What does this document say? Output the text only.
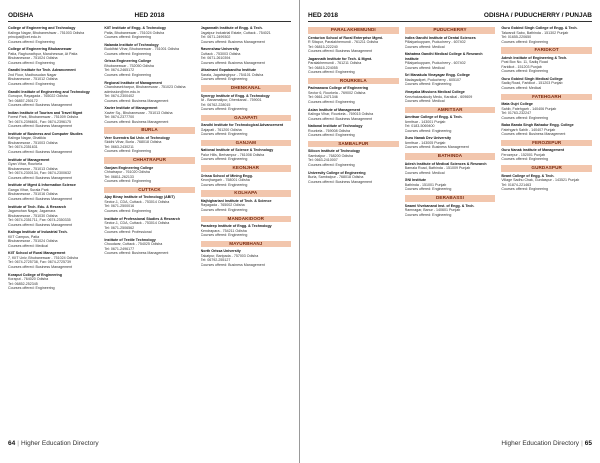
ODISHA	HED 2018
College of Engineering and Technology
Kalinga Nagar, Bhubaneshwar - 751003 Odisha
principal@cet.edu.in
Courses offered: Engineering
College of Engineering Bhubaneswar
Patia, Raghunathpur, Mancheswar, At Patia
Bhubaneswar - 751024 Odisha
Courses offered: Engineering
Gandhi Institute for Tech. Advancement
2nd Floor, Madhusudan Nagar
Bhubaneswar - 751012 Odisha
Courses offered: Engineering
Gandhi Institute of Engineering and Technology
Gunupur, Rayagada - 765022 Odisha
Tel: 06857-250172
Courses offered: Business Management
Indian Institute of Tourism and Travel Mgmt
Forest Park, Bhubaneswar - 751009 Odisha
Tel: 0674-2396601, Fax: 0674-2396175
Courses offered: Business Management
Institute of Business and Computer Studies
Kalinga Nagar, Ghatikia
Bhubaneswar - 751003 Odisha
Tel: 0674-2351631
Courses offered: Business Management
Institute of Management
Gyan Vihar, Rourkela
Bhubaneswar - 751013 Odisha
Tel: 0674-2300134, Fax: 0674-2300632
Courses offered: Business Management
Institute of Mgmt & Information Science
Ganga Vihar, Surala Park
Bhubaneswar - 751016 Odisha
Courses offered: Business Management
Institute of Tech. Edu. & Research
Jagamohan Nagar, Jagamara
Bhubaneswar - 751030 Odisha
Tel: 0674-2351711, Fax: 0674-2350335
Courses offered: Business Management
Kalinga Institute of Industrial Tech.
KIIT Campus, Patia
Bhubaneswar - 751024 Odisha
Courses offered: Medical
KIIT School of Rural Management
7, KIIT Univ, Bhubaneswar - 751024 Odisha
Tel: 0674-2725738, Fax: 0674-2725739
Courses offered: Business Management
Koraput College of Engineering
Koraput - 764020 Odisha
Tel: 06852-252345
Courses offered: Engineering
KIIT Institute of Engg. & Technology
Patia, Bhubaneswar - 751024 Odisha
Courses offered: Engineering
Nalanda Institute of Technology
Buddhist Vihar, Bhubaneswar - 751001 Odisha
Courses offered: Engineering
Orissa Engineering College
Bhubaneswar - 752050 Odisha
Tel: 0674-2465172
Courses offered: Engineering
Regional Institute of Management
Chandrasekharpur, Bhubaneswar - 751023 Odisha
admission@rim.edu.in
Tel: 0674-2300402
Courses offered: Business Management
Xavier Institute of Management
Xavier Sq., Bhubaneswar - 751013 Odisha
Tel: 0674-2377700
Courses offered: Business Management
BURLA
Veer Surendra Sai Univ. of Technology
Siddhi Vihar, Burla - 768018 Odisha
Tel: 0663-2430211
Courses offered: Engineering
CHHATRAPUR
Ganjam Engineering College
Chhatrapur - 761020 Odisha
Tel: 06811-262133
Courses offered: Engineering
CUTTACK
Ajay Binay Institute of Technology (ABIT)
Sector-1, CDA, Cuttack - 753014 Odisha
Tel: 0671-2500016
Courses offered: Engineering
Institute of Professional Studies & Research
Sector-1, CDA, Cuttack - 753014 Odisha
Tel: 0671-2506562
Courses offered: Professional
Institute of Textile Technology
Choudwar, Cuttack - 754025 Odisha
Tel: 0671-2496177
Courses offered: Business Management
Jagannath Institute of Engg. & Tech.
Jagatpur Industrial Estate, Cuttack - 754021
Tel: 0671-2499302
Courses offered: Business Management
Ravenshaw University
Cuttack - 753003 Odisha
Tel: 0671-2610394
Courses offered: Business Management
Utkalmani Gopabandhu Institute
Sarala, Jagatsinghpur - 754101 Odisha
Courses offered: Engineering
DHENKANAL
Synergy Institute of Engg. & Technology
At - Banamalipur, Dhenkanal - 759001
Tel: 06762-228015
Courses offered: Engineering
GAJAPATI
Gandhi Institute for Technological Advancement
Gajapati - 761200 Odisha
Courses offered: Engineering
GANJAM
National Institute of Science & Technology
Palur Hills, Berhampur - 761008 Odisha
Courses offered: Engineering
KEONJHAR
Orissa School of Mining Engg.
Keonjhargarh - 758001 Odisha
Courses offered: Engineering
KOLHAPA
Majhighariani Institute of Tech. & Science
Rayagada - 765002 Odisha
Courses offered: Engineering
MANDAKIDOOR
Paradeep Institute of Engg. & Technology
Kendrapara - 754211 Odisha
Courses offered: Engineering
MAYURBHANJ
North Orissa University
Takatpur, Baripada - 757003 Odisha
Tel: 06792-255127
Courses offered: Business Management
64 | Higher Education Directory
HED 2018	ODISHA / PUDUCHERRY / PUNJAB
PARALAKHEMUNDI
Centurion School of Rural Enterprise Mgmt.
R Sitapur, Paralakhemundi - 761211 Odisha
Tel: 06815-222240
Courses offered: Business Management
Jagannath Institute for Tech. & Mgmt.
Paralakhemundi - 761211 Odisha
Tel: 06815-224055
Courses offered: Engineering
ROURKELA
Padmanava College of Engineering
Sector 6, Rourkela - 769002 Odisha
Tel: 0661-2471346
Courses offered: Engineering
Asian Institute of Management
Kalinga Vihar, Rourkela - 769015 Odisha
Courses offered: Business Management
National Institute of Technology
Rourkela - 769008 Odisha
Courses offered: Engineering
SAMBALPUR
Silicon Institute of Technology
Sambalpur - 768200 Odisha
Tel: 0663-2410007
Courses offered: Engineering
University College of Engineering
Burla, Sambalpur - 768018 Odisha
Courses offered: Business Management
PUDUCHERRY
Indira Gandhi Institute of Dental Sciences
Pillaiyarkuppam, Puducherry - 607402
Courses offered: Medical
Mahatma Gandhi Medical College & Research Institute
Pillaiyarkuppam, Puducherry - 607402
Courses offered: Medical
Sri Manakula Vinayagar Engg. College
Madagadipet, Puducherry - 605107
Courses offered: Engineering
Vinayaka Missions Medical College
Keezhakasakudy Medu, Karaikal - 609609
Courses offered: Medical
AMRITSAR
Amritsar College of Engg. & Tech.
Amritsar - 143001 Punjab
Tel: 0183-5069400
Courses offered: Engineering
Guru Nanak Dev University
Amritsar - 143005 Punjab
Courses offered: Business Management
BATHINDA
Adesh Institute of Medical Sciences & Research
Barnala Road, Bathinda - 151009 Punjab
Courses offered: Medical
GNI Institute
Bathinda - 151001 Punjab
Courses offered: Engineering
DERABASSI
Swami Vivekanand Inst. of Engg. & Tech.
Ramnagar, Banur - 140601 Punjab
Courses offered: Engineering
Guru Gobind Singh College of Engg. & Tech.
Talwandi Sabo, Bathinda - 151302 Punjab
Tel: 01655-220650
Courses offered: Engineering
FARIDKOT
Adesh Institute of Engineering & Tech.
Post Box No. 11, Sadiq Road
Faridkot - 151203 Punjab
Courses offered: Engineering
Guru Gobind Singh Medical College
Sadiq Road, Faridkot - 151203 Punjab
Courses offered: Medical
FATEHGARH
Mata Gujri College
Sahib, Fatehgarh - 140406 Punjab
Tel: 01763-232247
Courses offered: Engineering
Baba Banda Singh Bahadur Engg. College
Fatehgarh Sahib - 140407 Punjab
Courses offered: Business Management
FEROZEPUR
Guru Nanak Institute of Management
Ferozepur - 152001 Punjab
Courses offered: Engineering
GURDASPUR
Beant College of Engg. & Tech.
Village Sadhu Chak, Gurdaspur - 143521 Punjab
Tel: 01874-221463
Courses offered: Engineering
Higher Education Directory | 65
